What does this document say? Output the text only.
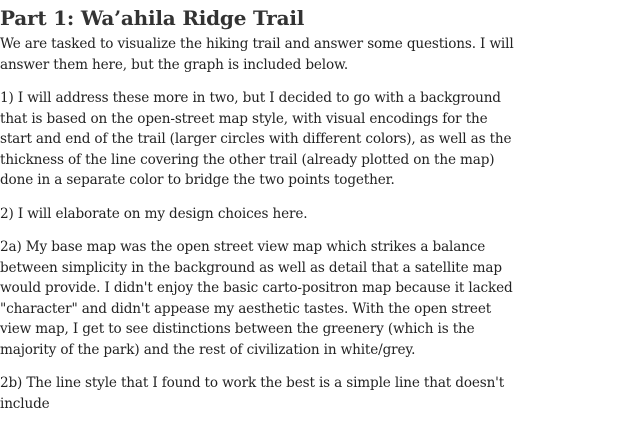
Part 1: Wa’ahila Ridge Trail

We are tasked to visualize the hiking trail and answer some questions. I will answer them here, but the graph is included below.

1) I will address these more in two, but I decided to go with a background that is based on the open-street map style, with visual encodings for the start and end of the trail (larger circles with different colors), as well as the thickness of the line covering the other trail (already plotted on the map) done in a separate color to bridge the two points together.

2) I will elaborate on my design choices here.

2a) My base map was the open street view map which strikes a balance between simplicity in the background as well as detail that a satellite map would provide. I didn't enjoy the basic carto-positron map because it lacked "character" and didn't appease my aesthetic tastes. With the open street view map, I get to see distinctions between the greenery (which is the majority of the park) and the rest of civilization in white/grey.

2b) The line style that I found to work the best is a simple line that doesn't include
